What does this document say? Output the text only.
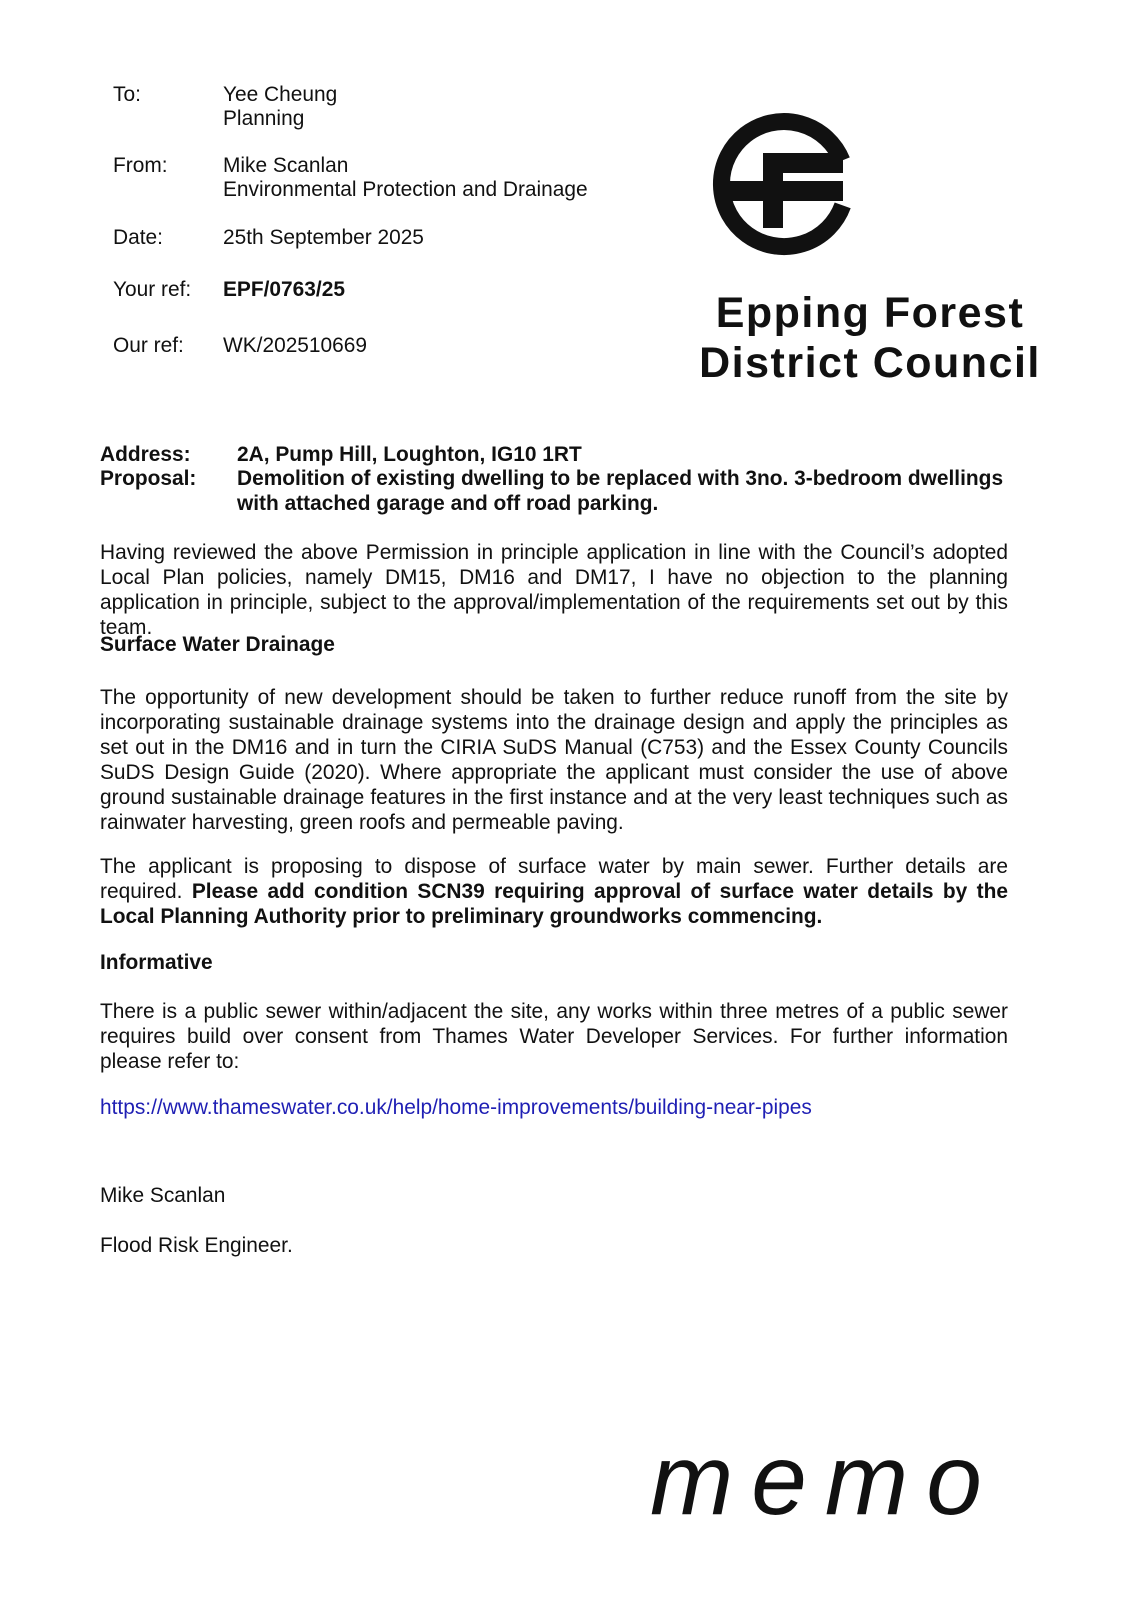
To:	Yee Cheung
Planning
From:	Mike Scanlan
Environmental Protection and Drainage
Date:	25th September 2025
Your ref:	EPF/0763/25
Our ref:	WK/202510669
Epping Forest
District Council
Address:	2A, Pump Hill, Loughton, IG10 1RT
Proposal:	Demolition of existing dwelling to be replaced with 3no. 3-bedroom dwellings with attached garage and off road parking.

Having reviewed the above Permission in principle application in line with the Council’s adopted Local Plan policies, namely DM15, DM16 and DM17, I have no objection to the planning application in principle, subject to the approval/implementation of the requirements set out by this team.

Surface Water Drainage

The opportunity of new development should be taken to further reduce runoff from the site by incorporating sustainable drainage systems into the drainage design and apply the principles as set out in the DM16 and in turn the CIRIA SuDS Manual (C753) and the Essex County Councils SuDS Design Guide (2020). Where appropriate the applicant must consider the use of above ground sustainable drainage features in the first instance and at the very least techniques such as rainwater harvesting, green roofs and permeable paving.

The applicant is proposing to dispose of surface water by main sewer. Further details are required. Please add condition SCN39 requiring approval of surface water details by the Local Planning Authority prior to preliminary groundworks commencing.

Informative

There is a public sewer within/adjacent the site, any works within three metres of a public sewer requires build over consent from Thames Water Developer Services. For further information please refer to:

https://www.thameswater.co.uk/help/home-improvements/building-near-pipes
Mike Scanlan
Flood Risk Engineer.
memo
